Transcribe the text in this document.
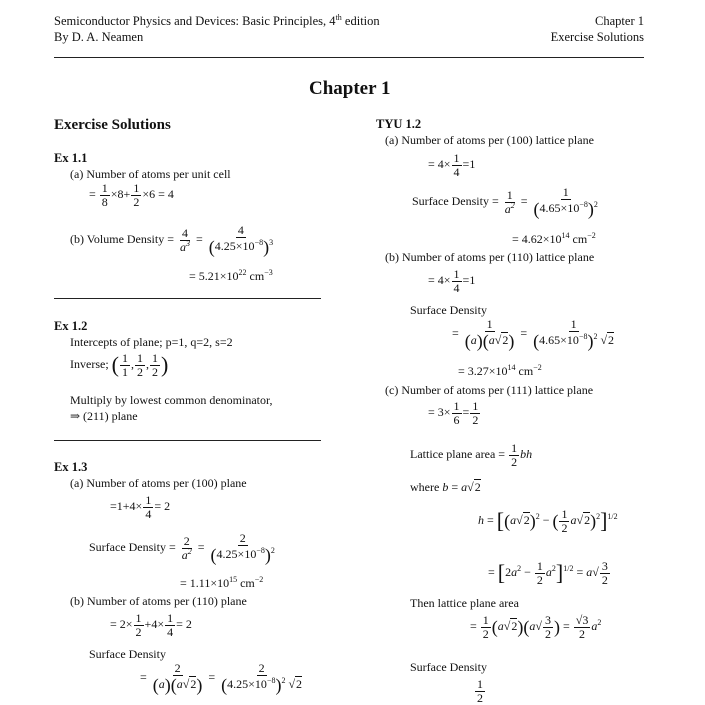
Semiconductor Physics and Devices: Basic Principles, 4th edition
By D. A. Neamen
Chapter 1
Exercise Solutions
Chapter 1
Exercise Solutions
Ex 1.1
(a) Number of atoms per unit cell
= $\frac{1}{8} \times 8+ \frac{1}{2} \times 6 = 4$
(b) Volume Density = $\frac{4}{a^3} = \frac{4}{(4.25\times 10^{-8})^3}$
= $5.21\times 10^{22}$ $cm^{-3}$
Ex 1.2
Intercepts of plane; p=1, q=2, s=2
Inverse; ( $\frac{1}{1}$ , $\frac{1}{2}$ , $\frac{1}{2}$ )
Multiply by lowest common denominator,
⇒ (211) plane
Ex 1.3
(a) Number of atoms per (100) plane
$=1+4\times \frac{1}{4} = 2$
Surface Density = $\frac{2}{a^2} = \frac{2}{(4.25\times 10^{-8})^2}$
= $1.11\times 10^{15}$ $cm^{-2}$
(b) Number of atoms per (110) plane
= $2\times \frac{1}{2} +4\times \frac{1}{4} = 2$
Surface Density
= $\frac{2}{(a)(a√2)} = \frac{2}{(4.25\times 10^{-8})^2 √2}$
TYU 1.2
(a) Number of atoms per (100) lattice plane
= $4\times \frac{1}{4} =1$
Surface Density = $\frac{1}{a^2} = \frac{1}{(4.65\times 10^{-8})^2}$
= $4.62\times 10^{14}$ $cm^{-2}$
(b) Number of atoms per (110) lattice plane
= $4\times \frac{1}{4} =1$
Surface Density
= $\frac{1}{(a)(a√2)} = \frac{1}{(4.65\times 10^{-8})^2 √2}$
= $3.27\times 10^{14}$ $cm^{-2}$
(c) Number of atoms per (111) lattice plane
= $3\times \frac{1}{6} = \frac{1}{2}$
Lattice plane area = $\frac{1}{2}$ bh
where b = a√2
$h = [(a√2)^2$ − ( $\frac{1}{2} a√2)^2]^{1/2}$
= $[2a^2 - \frac{1}{2} a^2]^{1/2} = a√ \frac{3}{2}$
Then lattice plane area
= $\frac{1}{2} (a√2)(a√ \frac{3}{2}$ ) = $\frac{√3}{2} a^2$
Surface Density
$\frac{1}{2}$
